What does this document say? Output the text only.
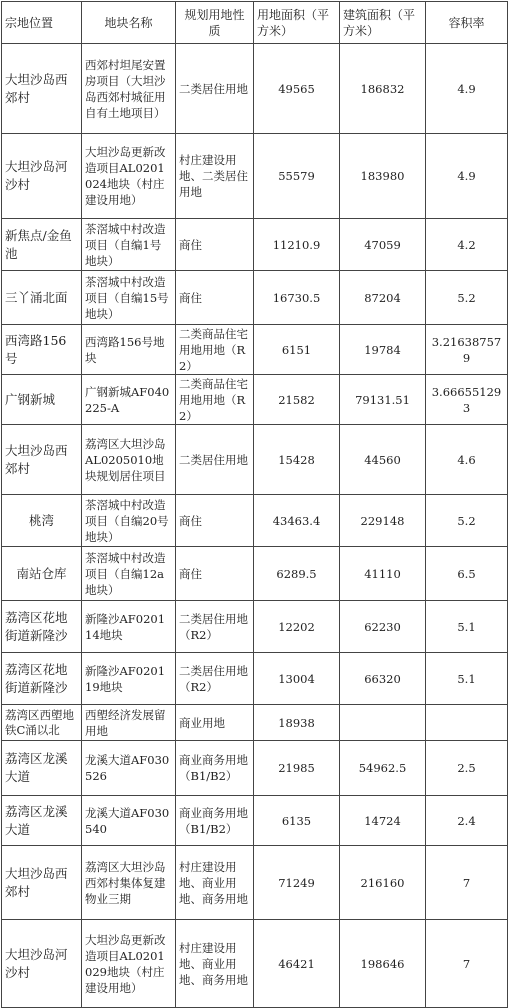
宗地位置	地块名称	规划用地性质	用地面积（平方米）	建筑面积（平方米）	容积率
大坦沙岛西郊村	西郊村坦尾安置房项目（大坦沙岛西郊村城征用自有土地项目）	二类居住用地	49565	186832	4.9
大坦沙岛河沙村	大坦沙岛更新改造项目AL0201024地块（村庄建设用地）	村庄建设用地、二类居住用地	55579	183980	4.9
新焦点/金鱼池	茶滘城中村改造项目（自编1号地块）	商住	11210.9	47059	4.2
三丫涌北面	茶滘城中村改造项目（自编15号地块）	商住	16730.5	87204	5.2
西湾路156号	西湾路156号地块	二类商品住宅用地用地（R2）	6151	19784	3.216387579
广钢新城	广钢新城AF040225-A	二类商品住宅用地用地（R2）	21582	79131.51	3.666551293
大坦沙岛西郊村	荔湾区大坦沙岛AL0205010地块规划居住项目	二类居住用地	15428	44560	4.6
桃湾	茶滘城中村改造项目（自编20号地块）	商住	43463.4	229148	5.2
南站仓库	茶滘城中村改造项目（自编12a地块）	商住	6289.5	41110	6.5
荔湾区花地街道新隆沙	新隆沙AF020114地块	二类居住用地（R2）	12202	62230	5.1
荔湾区花地街道新隆沙	新隆沙AF020119地块	二类居住用地（R2）	13004	66320	5.1
荔湾区西塱地铁C涌以北	西塱经济发展留用地	商业用地	18938		
荔湾区龙溪大道	龙溪大道AF030526	商业商务用地（B1/B2）	21985	54962.5	2.5
荔湾区龙溪大道	龙溪大道AF030540	商业商务用地（B1/B2）	6135	14724	2.4
大坦沙岛西郊村	荔湾区大坦沙岛西郊村集体复建物业三期	村庄建设用地、商业用地、商务用地	71249	216160	7
大坦沙岛河沙村	大坦沙岛更新改造项目AL0201029地块（村庄建设用地）	村庄建设用地、商业用地、商务用地	46421	198646	7
